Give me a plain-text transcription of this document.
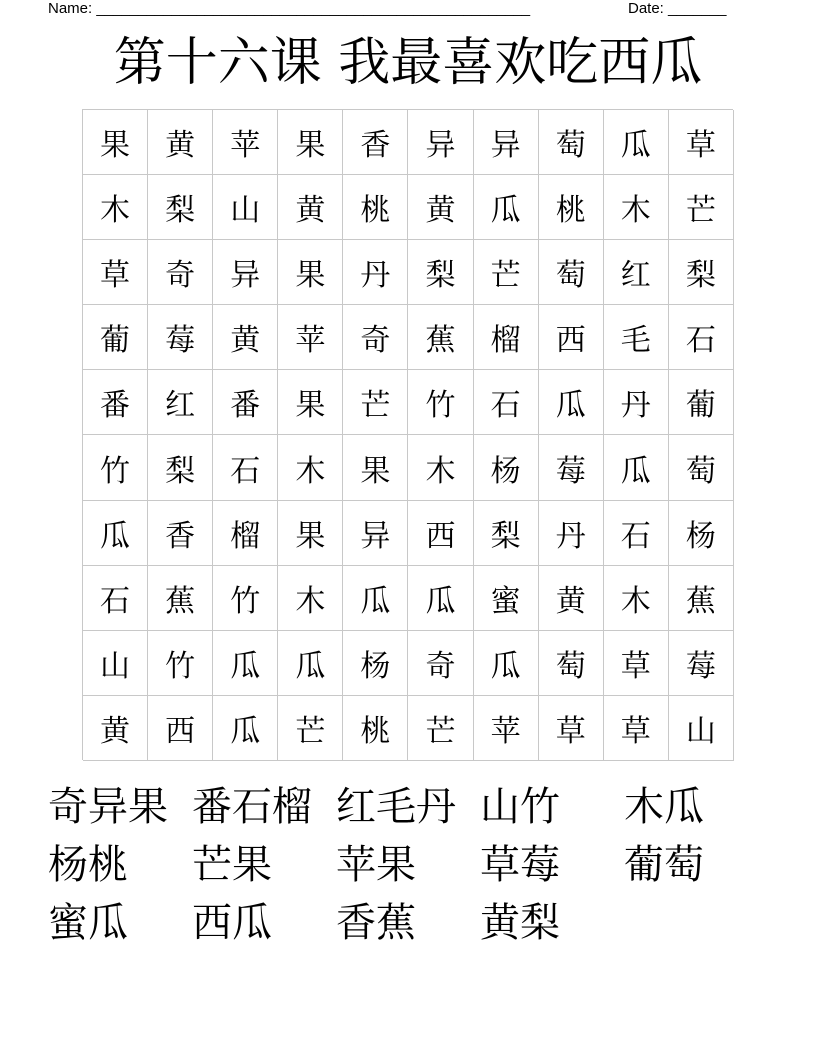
Name: ____________________________________________________	Date: _______
第十六课 我最喜欢吃西瓜
果	黄	苹	果	香	异	异	萄	瓜	草
木	梨	山	黄	桃	黄	瓜	桃	木	芒
草	奇	异	果	丹	梨	芒	萄	红	梨
葡	莓	黄	苹	奇	蕉	榴	西	毛	石
番	红	番	果	芒	竹	石	瓜	丹	葡
竹	梨	石	木	果	木	杨	莓	瓜	萄
瓜	香	榴	果	异	西	梨	丹	石	杨
石	蕉	竹	木	瓜	瓜	蜜	黄	木	蕉
山	竹	瓜	瓜	杨	奇	瓜	萄	草	莓
黄	西	瓜	芒	桃	芒	苹	草	草	山
奇异果 番石榴 红毛丹 山竹	木瓜
杨桃	芒果	苹果	草莓	葡萄
蜜瓜	西瓜	香蕉	黄梨
